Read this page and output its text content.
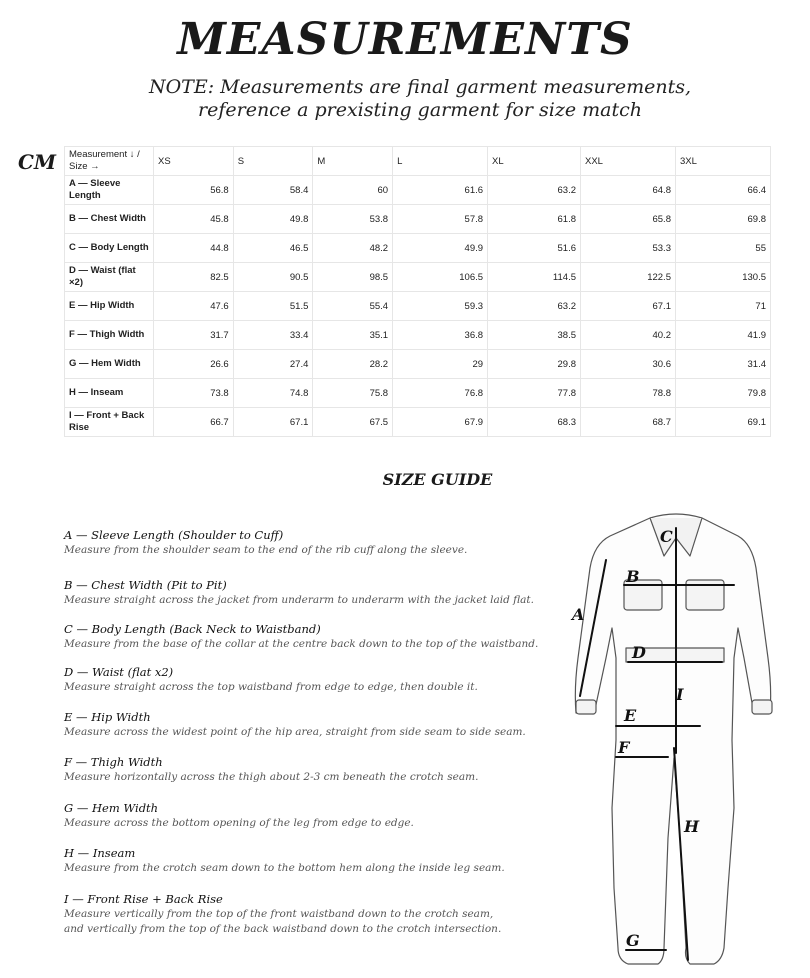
MEASUREMENTS
NOTE: Measurements are final garment measurements, reference a prexisting garment for size match
CM Measurement ↓ / Size →	XS	S	M	L	XL	XXL	3XL
A — Sleeve Length	56.8	58.4	60	61.6	63.2	64.8	66.4
B — Chest Width	45.8	49.8	53.8	57.8	61.8	65.8	69.8
C — Body Length	44.8	46.5	48.2	49.9	51.6	53.3	55
D — Waist (flat ×2)	82.5	90.5	98.5	106.5	114.5	122.5	130.5
E — Hip Width	47.6	51.5	55.4	59.3	63.2	67.1	71
F — Thigh Width	31.7	33.4	35.1	36.8	38.5	40.2	41.9
G — Hem Width	26.6	27.4	28.2	29	29.8	30.6	31.4
H — Inseam	73.8	74.8	75.8	76.8	77.8	78.8	79.8
I — Front + Back Rise	66.7	67.1	67.5	67.9	68.3	68.7	69.1
SIZE GUIDE
A — Sleeve Length (Shoulder to Cuff)
Measure from the shoulder seam to the end of the rib cuff along the sleeve.
B — Chest Width (Pit to Pit)
Measure straight across the jacket from underarm to underarm with the jacket laid flat.
C — Body Length (Back Neck to Waistband)
Measure from the base of the collar at the centre back down to the top of the waistband.
D — Waist (flat x2)
Measure straight across the top waistband from edge to edge, then double it.
E — Hip Width
Measure across the widest point of the hip area, straight from side seam to side seam.
F — Thigh Width
Measure horizontally across the thigh about 2-3 cm beneath the crotch seam.
G — Hem Width
Measure across the bottom opening of the leg from edge to edge.
H — Inseam
Measure from the crotch seam down to the bottom hem along the inside leg seam.
I — Front Rise + Back Rise
Measure vertically from the top of the front waistband down to the crotch seam,
and vertically from the top of the back waistband down to the crotch intersection.
A
B
C
D
E
F
G
H
I
